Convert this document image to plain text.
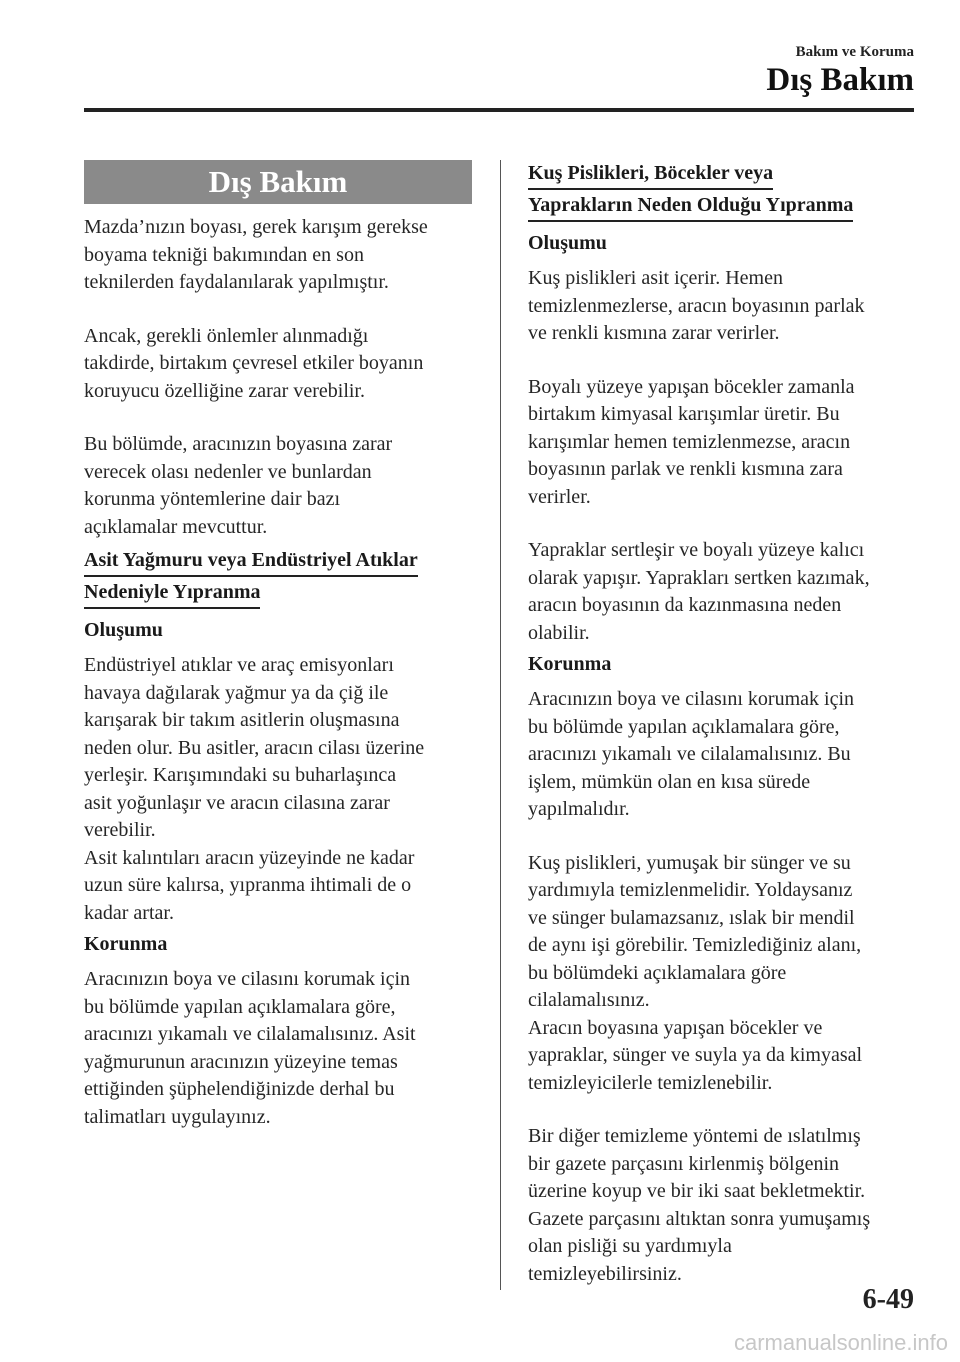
Bakım ve Koruma
Dış Bakım
Dış Bakım

Mazda’nızın boyası, gerek karışım gerekse
boyama tekniği bakımından en son
teknilerden faydalanılarak yapılmıştır.

Ancak, gerekli önlemler alınmadığı
takdirde, birtakım çevresel etkiler boyanın
koruyucu özelliğine zarar verebilir.

Bu bölümde, aracınızın boyasına zarar
verecek olası nedenler ve bunlardan
korunma yöntemlerine dair bazı
açıklamalar mevcuttur.

Asit Yağmuru veya Endüstriyel Atıklar
Nedeniyle Yıpranma
Oluşumu

Endüstriyel atıklar ve araç emisyonları
havaya dağılarak yağmur ya da çiğ ile
karışarak bir takım asitlerin oluşmasına
neden olur. Bu asitler, aracın cilası üzerine
yerleşir. Karışımındaki su buharlaşınca
asit yoğunlaşır ve aracın cilasına zarar
verebilir.
Asit kalıntıları aracın yüzeyinde ne kadar
uzun süre kalırsa, yıpranma ihtimali de o
kadar artar.

Korunma

Aracınızın boya ve cilasını korumak için
bu bölümde yapılan açıklamalara göre,
aracınızı yıkamalı ve cilalamalısınız. Asit
yağmurunun aracınızın yüzeyine temas
ettiğinden şüphelendiğinizde derhal bu
talimatları uygulayınız.

Kuş Pislikleri, Böcekler veya
Yaprakların Neden Olduğu Yıpranma
Oluşumu

Kuş pislikleri asit içerir. Hemen
temizlenmezlerse, aracın boyasının parlak
ve renkli kısmına zarar verirler.

Boyalı yüzeye yapışan böcekler zamanla
birtakım kimyasal karışımlar üretir. Bu
karışımlar hemen temizlenmezse, aracın
boyasının parlak ve renkli kısmına zara
verirler.

Yapraklar sertleşir ve boyalı yüzeye kalıcı
olarak yapışır. Yaprakları sertken kazımak,
aracın boyasının da kazınmasına neden
olabilir.

Korunma

Aracınızın boya ve cilasını korumak için
bu bölümde yapılan açıklamalara göre,
aracınızı yıkamalı ve cilalamalısınız. Bu
işlem, mümkün olan en kısa sürede
yapılmalıdır.

Kuş pislikleri, yumuşak bir sünger ve su
yardımıyla temizlenmelidir. Yoldaysanız
ve sünger bulamazsanız, ıslak bir mendil
de aynı işi görebilir. Temizlediğiniz alanı,
bu bölümdeki açıklamalara göre
cilalamalısınız.
Aracın boyasına yapışan böcekler ve
yapraklar, sünger ve suyla ya da kimyasal
temizleyicilerle temizlenebilir.

Bir diğer temizleme yöntemi de ıslatılmış
bir gazete parçasını kirlenmiş bölgenin
üzerine koyup ve bir iki saat bekletmektir.
Gazete parçasını altıktan sonra yumuşamış
olan pisliği su yardımıyla
temizleyebilirsiniz.

6-49
carmanualsonline.info
